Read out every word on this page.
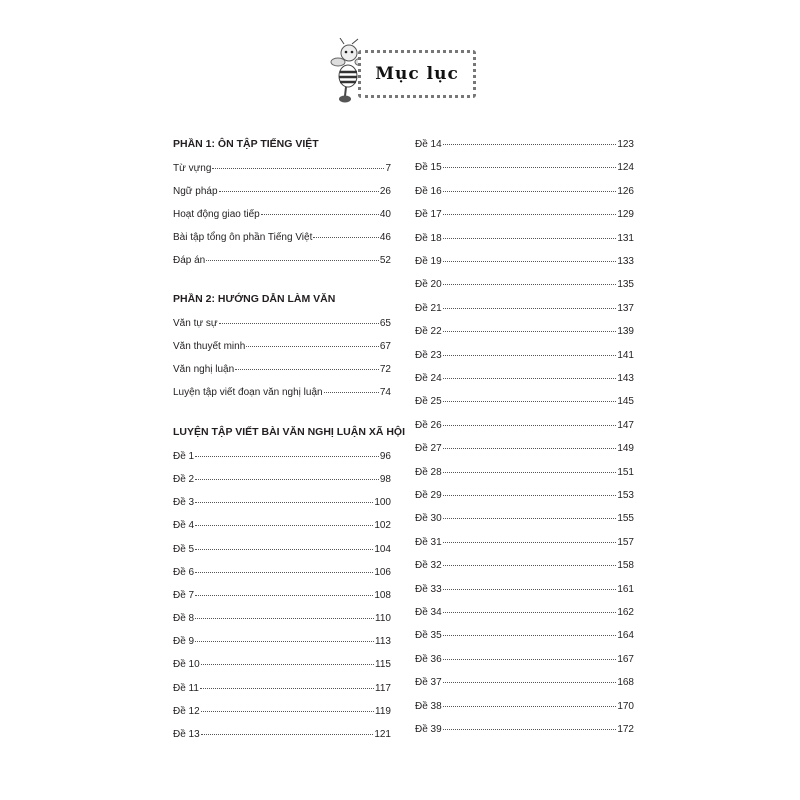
Mục lục
PHẦN 1: ÔN TẬP TIẾNG VIỆT
Từ vựng	7
Ngữ pháp	26
Hoạt động giao tiếp	40
Bài tập tổng ôn phần Tiếng Việt	46
Đáp án	52
PHẦN 2: HƯỚNG DẪN LÀM VĂN
Văn tự sự	65
Văn thuyết minh	67
Văn nghị luận	72
Luyện tập viết đoạn văn nghị luận	74
LUYỆN TẬP VIẾT BÀI VĂN NGHỊ LUẬN XÃ HỘI
Đề 1	96
Đề 2	98
Đề 3	100
Đề 4	102
Đề 5	104
Đề 6	106
Đề 7	108
Đề 8	110
Đề 9	113
Đề 10	115
Đề 11	117
Đề 12	119
Đề 13	121
Đề 14	123
Đề 15	124
Đề 16	126
Đề 17	129
Đề 18	131
Đề 19	133
Đề 20	135
Đề 21	137
Đề 22	139
Đề 23	141
Đề 24	143
Đề 25	145
Đề 26	147
Đề 27	149
Đề 28	151
Đề 29	153
Đề 30	155
Đề 31	157
Đề 32	158
Đề 33	161
Đề 34	162
Đề 35	164
Đề 36	167
Đề 37	168
Đề 38	170
Đề 39	172
